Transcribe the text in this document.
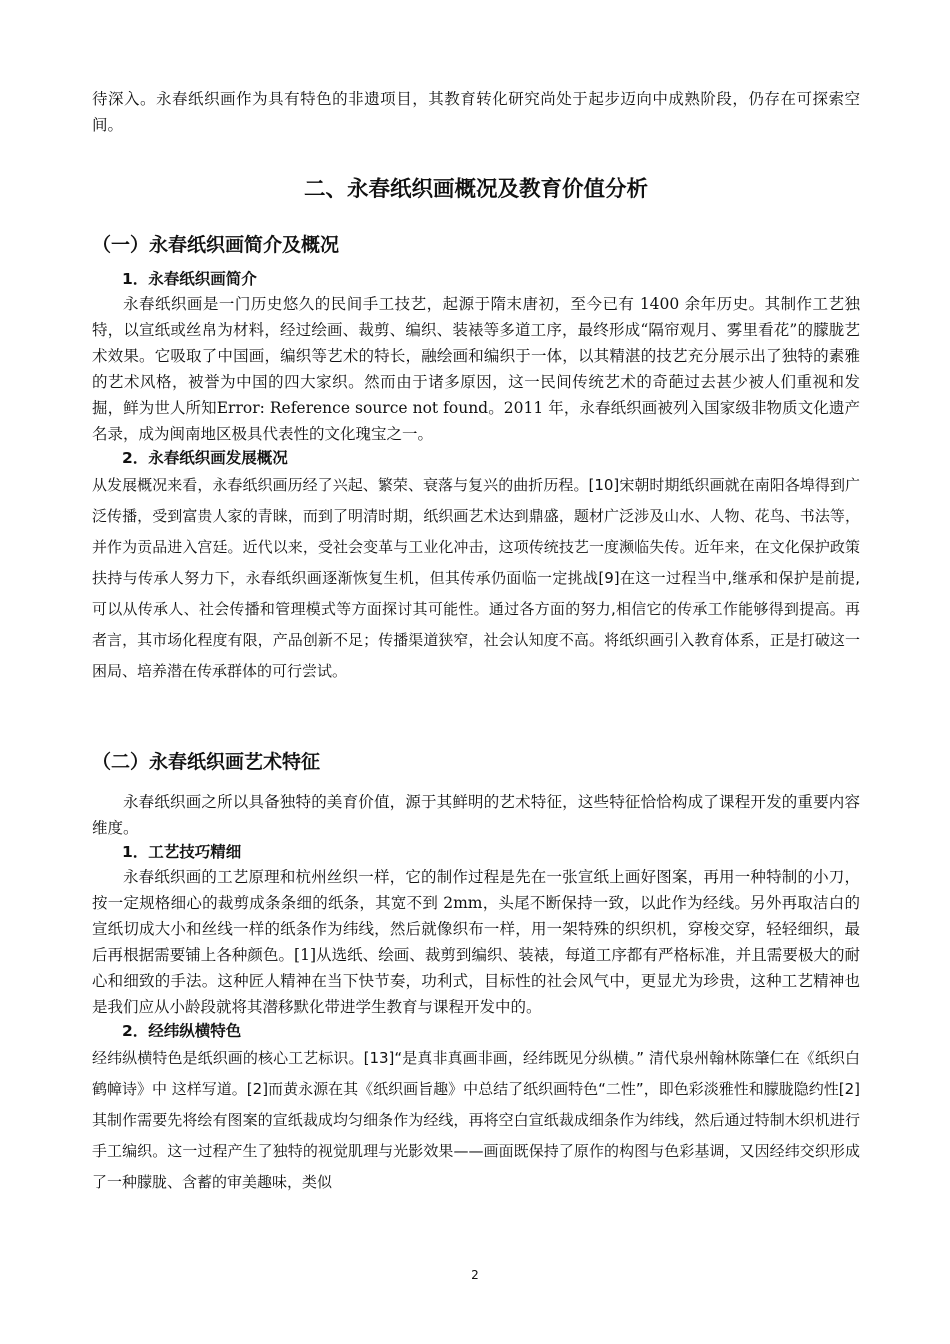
待深入。永春纸织画作为具有特色的非遗项目，其教育转化研究尚处于起步迈向中成熟阶段，仍存在可探索空间。

二、永春纸织画概况及教育价值分析
（一）永春纸织画简介及概况
1．永春纸织画简介

永春纸织画是一门历史悠久的民间手工技艺，起源于隋末唐初，至今已有 1400 余年历史。其制作工艺独特，以宣纸或丝帛为材料，经过绘画、裁剪、编织、装裱等多道工序，最终形成“隔帘观月、雾里看花”的朦胧艺术效果。它吸取了中国画，编织等艺术的特长，融绘画和编织于一体，以其精湛的技艺充分展示出了独特的素雅的艺术风格，被誉为中国的四大家织。然而由于诸多原因，这一民间传统艺术的奇葩过去甚少被人们重视和发掘，鲜为世人所知Error: Reference source not found。2011 年，永春纸织画被列入国家级非物质文化遗产名录，成为闽南地区极具代表性的文化瑰宝之一。

2．永春纸织画发展概况

从发展概况来看，永春纸织画历经了兴起、繁荣、衰落与复兴的曲折历程。[10]宋朝时期纸织画就在南阳各埠得到广泛传播，受到富贵人家的青睐，而到了明清时期，纸织画艺术达到鼎盛，题材广泛涉及山水、人物、花鸟、书法等，并作为贡品进入宫廷。近代以来，受社会变革与工业化冲击，这项传统技艺一度濒临失传。近年来，在文化保护政策扶持与传承人努力下，永春纸织画逐渐恢复生机，但其传承仍面临一定挑战[9]在这一过程当中,继承和保护是前提, 可以从传承人、社会传播和管理模式等方面探讨其可能性。通过各方面的努力,相信它的传承工作能够得到提高。再者言，其市场化程度有限，产品创新不足；传播渠道狭窄，社会认知度不高。将纸织画引入教育体系，正是打破这一困局、培养潜在传承群体的可行尝试。

（二）永春纸织画艺术特征

永春纸织画之所以具备独特的美育价值，源于其鲜明的艺术特征，这些特征恰恰构成了课程开发的重要内容维度。

1．工艺技巧精细

永春纸织画的工艺原理和杭州丝织一样，它的制作过程是先在一张宣纸上画好图案，再用一种特制的小刀，按一定规格细心的裁剪成条条细的纸条，其宽不到 2mm，头尾不断保持一致，以此作为经线。另外再取洁白的宣纸切成大小和丝线一样的纸条作为纬线，然后就像织布一样，用一架特殊的织织机，穿梭交穿，轻轻细织，最后再根据需要铺上各种颜色。[1]从选纸、绘画、裁剪到编织、装裱，每道工序都有严格标准，并且需要极大的耐心和细致的手法。这种匠人精神在当下快节奏，功利式，目标性的社会风气中，更显尤为珍贵，这种工艺精神也是我们应从小龄段就将其潜移默化带进学生教育与课程开发中的。

2．经纬纵横特色

经纬纵横特色是纸织画的核心工艺标识。[13]“是真非真画非画，经纬既见分纵横。” 清代泉州翰林陈肇仁在《纸织白鹤幛诗》中 这样写道。[2]而黄永源在其《纸织画旨趣》中总结了纸织画特色“二性”，即色彩淡雅性和朦胧隐约性[2]其制作需要先将绘有图案的宣纸裁成均匀细条作为经线，再将空白宣纸裁成细条作为纬线，然后通过特制木织机进行手工编织。这一过程产生了独特的视觉肌理与光影效果——画面既保持了原作的构图与色彩基调，又因经纬交织形成了一种朦胧、含蓄的审美趣味，类似

2
